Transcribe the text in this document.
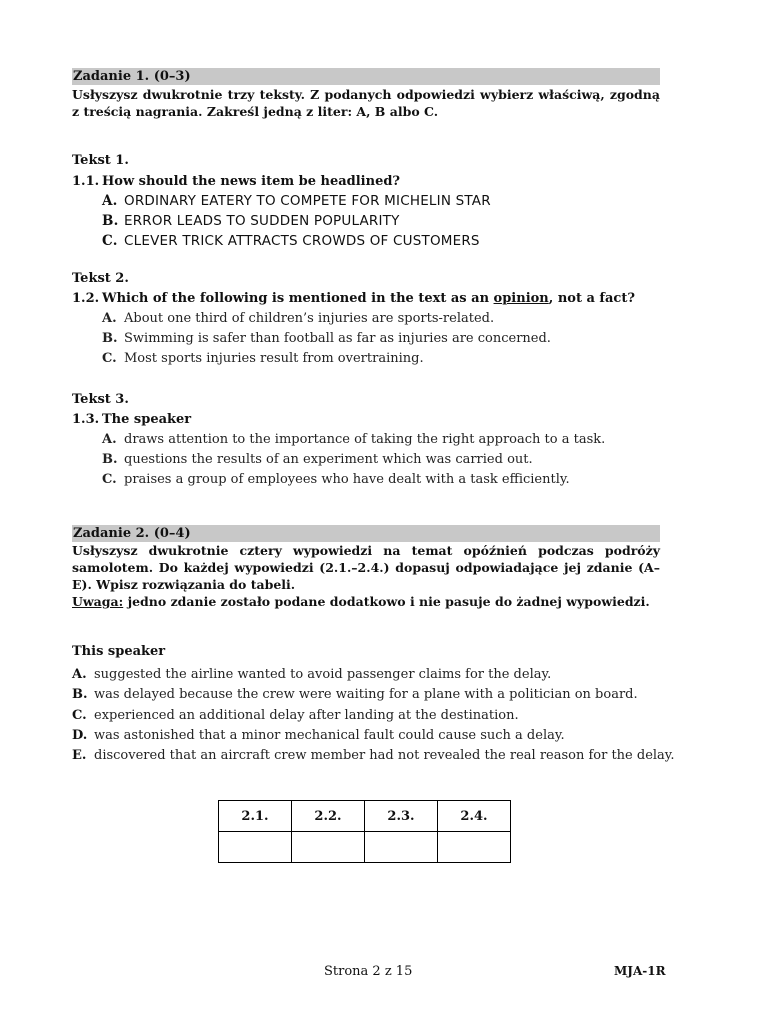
Zadanie 1. (0–3)

Usłyszysz dwukrotnie trzy teksty. Z podanych odpowiedzi wybierz właściwą, zgodną z treścią nagrania. Zakreśl jedną z liter: A, B albo C.

Tekst 1.
1.1. How should the news item be headlined?
A. ORDINARY EATERY TO COMPETE FOR MICHELIN STAR
B. ERROR LEADS TO SUDDEN POPULARITY
C. CLEVER TRICK ATTRACTS CROWDS OF CUSTOMERS
Tekst 2.
1.2. Which of the following is mentioned in the text as an opinion, not a fact?
A. About one third of children’s injuries are sports-related.
B. Swimming is safer than football as far as injuries are concerned.
C. Most sports injuries result from overtraining.
Tekst 3.
1.3. The speaker
A. draws attention to the importance of taking the right approach to a task.
B. questions the results of an experiment which was carried out.
C. praises a group of employees who have dealt with a task efficiently.
Zadanie 2. (0–4)

Usłyszysz dwukrotnie cztery wypowiedzi na temat opóźnień podczas podróży samolotem. Do każdej wypowiedzi (2.1.–2.4.) dopasuj odpowiadające jej zdanie (A–E). Wpisz rozwiązania do tabeli.

Uwaga: jedno zdanie zostało podane dodatkowo i nie pasuje do żadnej wypowiedzi.

This speaker
A. suggested the airline wanted to avoid passenger claims for the delay.
B. was delayed because the crew were waiting for a plane with a politician on board.
C. experienced an additional delay after landing at the destination.
D. was astonished that a minor mechanical fault could cause such a delay.
E. discovered that an aircraft crew member had not revealed the real reason for the delay.
2.1.	2.2.	2.3.	2.4.

Strona 2 z 15	MJA-1R
